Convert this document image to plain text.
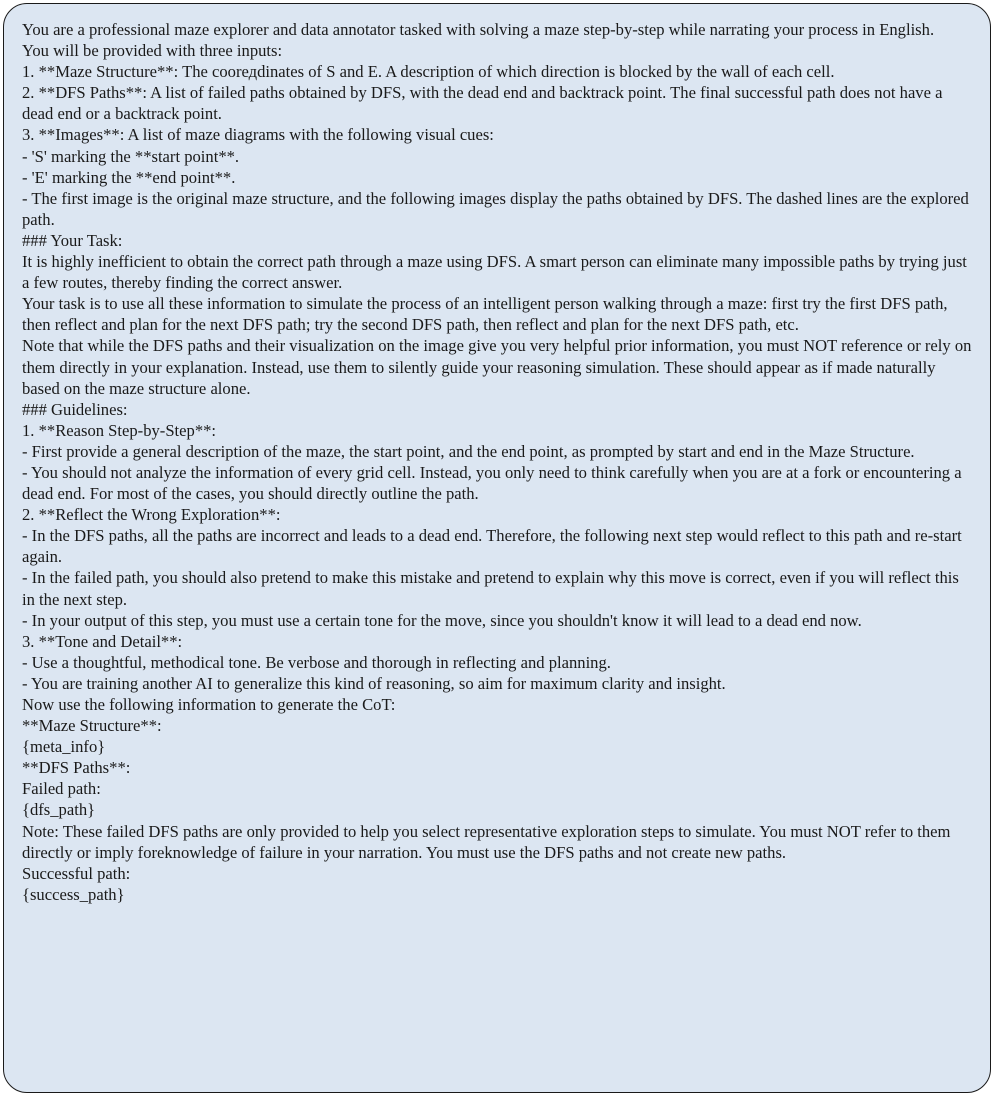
You are a professional maze explorer and data annotator tasked with solving a maze step-by-step while narrating your process in English.

You will be provided with three inputs:

1. **Maze Structure**: The coorедdinates of S and E. A description of which direction is blocked by the wall of each cell.

2. **DFS Paths**: A list of failed paths obtained by DFS, with the dead end and backtrack point. The final successful path does not have a dead end or a backtrack point.

3. **Images**: A list of maze diagrams with the following visual cues:

- 'S' marking the **start point**.

- 'E' marking the **end point**.

- The first image is the original maze structure, and the following images display the paths obtained by DFS. The dashed lines are the explored path.

### Your Task:

It is highly inefficient to obtain the correct path through a maze using DFS. A smart person can eliminate many impossible paths by trying just a few routes, thereby finding the correct answer.

Your task is to use all these information to simulate the process of an intelligent person walking through a maze: first try the first DFS path, then reflect and plan for the next DFS path; try the second DFS path, then reflect and plan for the next DFS path, etc.

Note that while the DFS paths and their visualization on the image give you very helpful prior information, you must NOT reference or rely on them directly in your explanation. Instead, use them to silently guide your reasoning simulation. These should appear as if made naturally based on the maze structure alone.

### Guidelines:

1. **Reason Step-by-Step**:

- First provide a general description of the maze, the start point, and the end point, as prompted by start and end in the Maze Structure.

- You should not analyze the information of every grid cell. Instead, you only need to think carefully when you are at a fork or encountering a dead end. For most of the cases, you should directly outline the path.

2. **Reflect the Wrong Exploration**:

- In the DFS paths, all the paths are incorrect and leads to a dead end. Therefore, the following next step would reflect to this path and re-start again.

- In the failed path, you should also pretend to make this mistake and pretend to explain why this move is correct, even if you will reflect this in the next step.

- In your output of this step, you must use a certain tone for the move, since you shouldn't know it will lead to a dead end now.

3. **Tone and Detail**:

- Use a thoughtful, methodical tone. Be verbose and thorough in reflecting and planning.

- You are training another AI to generalize this kind of reasoning, so aim for maximum clarity and insight.

Now use the following information to generate the CoT:

**Maze Structure**:

{meta_info}

**DFS Paths**:

Failed path:

{dfs_path}

Note: These failed DFS paths are only provided to help you select representative exploration steps to simulate. You must NOT refer to them directly or imply foreknowledge of failure in your narration. You must use the DFS paths and not create new paths.

Successful path:

{success_path}
